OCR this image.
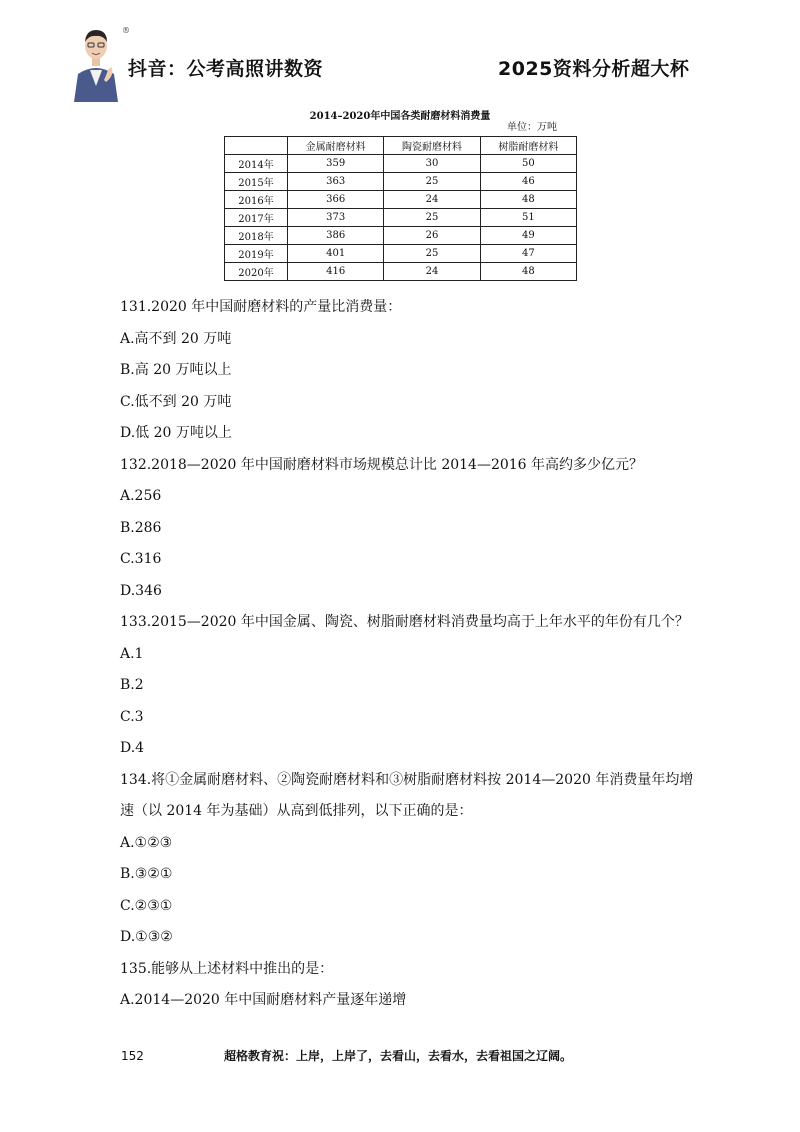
®
抖音：公考高照讲数资	2025资料分析超大杯
2014–2020年中国各类耐磨材料消费量
单位：万吨
	金属耐磨材料	陶瓷耐磨材料	树脂耐磨材料
2014年	359	30	50
2015年	363	25	46
2016年	366	24	48
2017年	373	25	51
2018年	386	26	49
2019年	401	25	47
2020年	416	24	48
131.2020 年中国耐磨材料的产量比消费量：
A.高不到 20 万吨
B.高 20 万吨以上
C.低不到 20 万吨
D.低 20 万吨以上
132.2018—2020 年中国耐磨材料市场规模总计比 2014—2016 年高约多少亿元？
A.256
B.286
C.316
D.346
133.2015—2020 年中国金属、陶瓷、树脂耐磨材料消费量均高于上年水平的年份有几个？
A.1
B.2
C.3
D.4
134.将①金属耐磨材料、②陶瓷耐磨材料和③树脂耐磨材料按 2014—2020 年消费量年均增
速（以 2014 年为基础）从高到低排列，以下正确的是：
A.①②③
B.③②①
C.②③①
D.①③②
135.能够从上述材料中推出的是：
A.2014—2020 年中国耐磨材料产量逐年递增
152	超格教育祝：上岸，上岸了，去看山，去看水，去看祖国之辽阔。
